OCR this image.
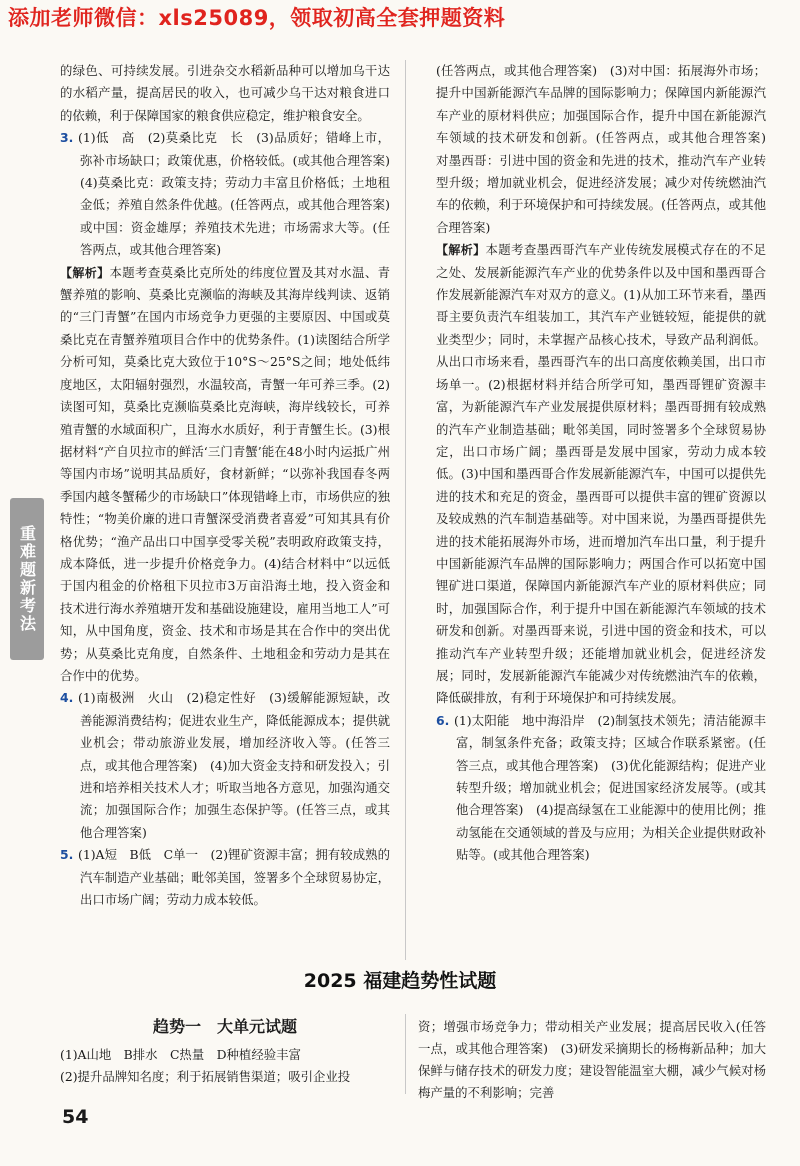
添加老师微信：xls25089，领取初高全套押题资料
重难题新考法

的绿色、可持续发展。引进杂交水稻新品种可以增加乌干达的水稻产量，提高居民的收入，也可减少乌干达对粮食进口的依赖，利于保障国家的粮食供应稳定，维护粮食安全。

3. (1)低　高　(2)莫桑比克　长　(3)品质好；错峰上市，弥补市场缺口；政策优惠，价格较低。(或其他合理答案)　(4)莫桑比克：政策支持；劳动力丰富且价格低；土地租金低；养殖自然条件优越。(任答两点，或其他合理答案)　或中国：资金雄厚；养殖技术先进；市场需求大等。(任答两点，或其他合理答案)

【解析】本题考查莫桑比克所处的纬度位置及其对水温、青蟹养殖的影响、莫桑比克濒临的海峡及其海岸线判读、返销的“三门青蟹”在国内市场竞争力更强的主要原因、中国或莫桑比克在青蟹养殖项目合作中的优势条件。(1)读图结合所学分析可知，莫桑比克大致位于10°S～25°S之间；地处低纬度地区，太阳辐射强烈，水温较高，青蟹一年可养三季。(2)读图可知，莫桑比克濒临莫桑比克海峡，海岸线较长，可养殖青蟹的水域面积广，且海水水质好，利于青蟹生长。(3)根据材料“产自贝拉市的鲜活‘三门青蟹’能在48小时内运抵广州等国内市场”说明其品质好，食材新鲜；“以弥补我国春冬两季国内越冬蟹稀少的市场缺口”体现错峰上市，市场供应的独特性；“物美价廉的进口青蟹深受消费者喜爱”可知其具有价格优势；“渔产品出口中国享受零关税”表明政府政策支持，成本降低，进一步提升价格竞争力。(4)结合材料中“以远低于国内租金的价格租下贝拉市3万亩沿海土地，投入资金和技术进行海水养殖塘开发和基础设施建设，雇用当地工人”可知，从中国角度，资金、技术和市场是其在合作中的突出优势；从莫桑比克角度，自然条件、土地租金和劳动力是其在合作中的优势。

4. (1)南极洲　火山　(2)稳定性好　(3)缓解能源短缺，改善能源消费结构；促进农业生产，降低能源成本；提供就业机会；带动旅游业发展，增加经济收入等。(任答三点，或其他合理答案)　(4)加大资金支持和研发投入；引进和培养相关技术人才；听取当地各方意见，加强沟通交流；加强国际合作；加强生态保护等。(任答三点，或其他合理答案)

5. (1)A短　B低　C单一　(2)锂矿资源丰富；拥有较成熟的汽车制造产业基础；毗邻美国，签署多个全球贸易协定，出口市场广阔；劳动力成本较低。

(任答两点，或其他合理答案)　(3)对中国：拓展海外市场；提升中国新能源汽车品牌的国际影响力；保障国内新能源汽车产业的原材料供应；加强国际合作，提升中国在新能源汽车领域的技术研发和创新。(任答两点，或其他合理答案)　对墨西哥：引进中国的资金和先进的技术，推动汽车产业转型升级；增加就业机会，促进经济发展；减少对传统燃油汽车的依赖，利于环境保护和可持续发展。(任答两点，或其他合理答案)

【解析】本题考查墨西哥汽车产业传统发展模式存在的不足之处、发展新能源汽车产业的优势条件以及中国和墨西哥合作发展新能源汽车对双方的意义。(1)从加工环节来看，墨西哥主要负责汽车组装加工，其汽车产业链较短，能提供的就业类型少；同时，未掌握产品核心技术，导致产品利润低。从出口市场来看，墨西哥汽车的出口高度依赖美国，出口市场单一。(2)根据材料并结合所学可知，墨西哥锂矿资源丰富，为新能源汽车产业发展提供原材料；墨西哥拥有较成熟的汽车产业制造基础；毗邻美国，同时签署多个全球贸易协定，出口市场广阔；墨西哥是发展中国家，劳动力成本较低。(3)中国和墨西哥合作发展新能源汽车，中国可以提供先进的技术和充足的资金，墨西哥可以提供丰富的锂矿资源以及较成熟的汽车制造基础等。对中国来说，为墨西哥提供先进的技术能拓展海外市场，进而增加汽车出口量，利于提升中国新能源汽车品牌的国际影响力；两国合作可以拓宽中国锂矿进口渠道，保障国内新能源汽车产业的原材料供应；同时，加强国际合作，利于提升中国在新能源汽车领域的技术研发和创新。对墨西哥来说，引进中国的资金和技术，可以推动汽车产业转型升级；还能增加就业机会，促进经济发展；同时，发展新能源汽车能减少对传统燃油汽车的依赖，降低碳排放，有利于环境保护和可持续发展。

6. (1)太阳能　地中海沿岸　(2)制氢技术领先；清洁能源丰富，制氢条件充备；政策支持；区域合作联系紧密。(任答三点，或其他合理答案)　(3)优化能源结构；促进产业转型升级；增加就业机会；促进国家经济发展等。(或其他合理答案)　(4)提高绿氢在工业能源中的使用比例；推动氢能在交通领域的普及与应用；为相关企业提供财政补贴等。(或其他合理答案)

2025 福建趋势性试题
趋势一　大单元试题
(1)A山地　B排水　C热量　D种植经验丰富
(2)提升品牌知名度；利于拓展销售渠道；吸引企业投
资；增强市场竞争力；带动相关产业发展；提高居民收入(任答一点，或其他合理答案)　(3)研发采摘期长的杨梅新品种；加大保鲜与储存技术的研发力度；建设智能温室大棚，减少气候对杨梅产量的不利影响；完善
54
